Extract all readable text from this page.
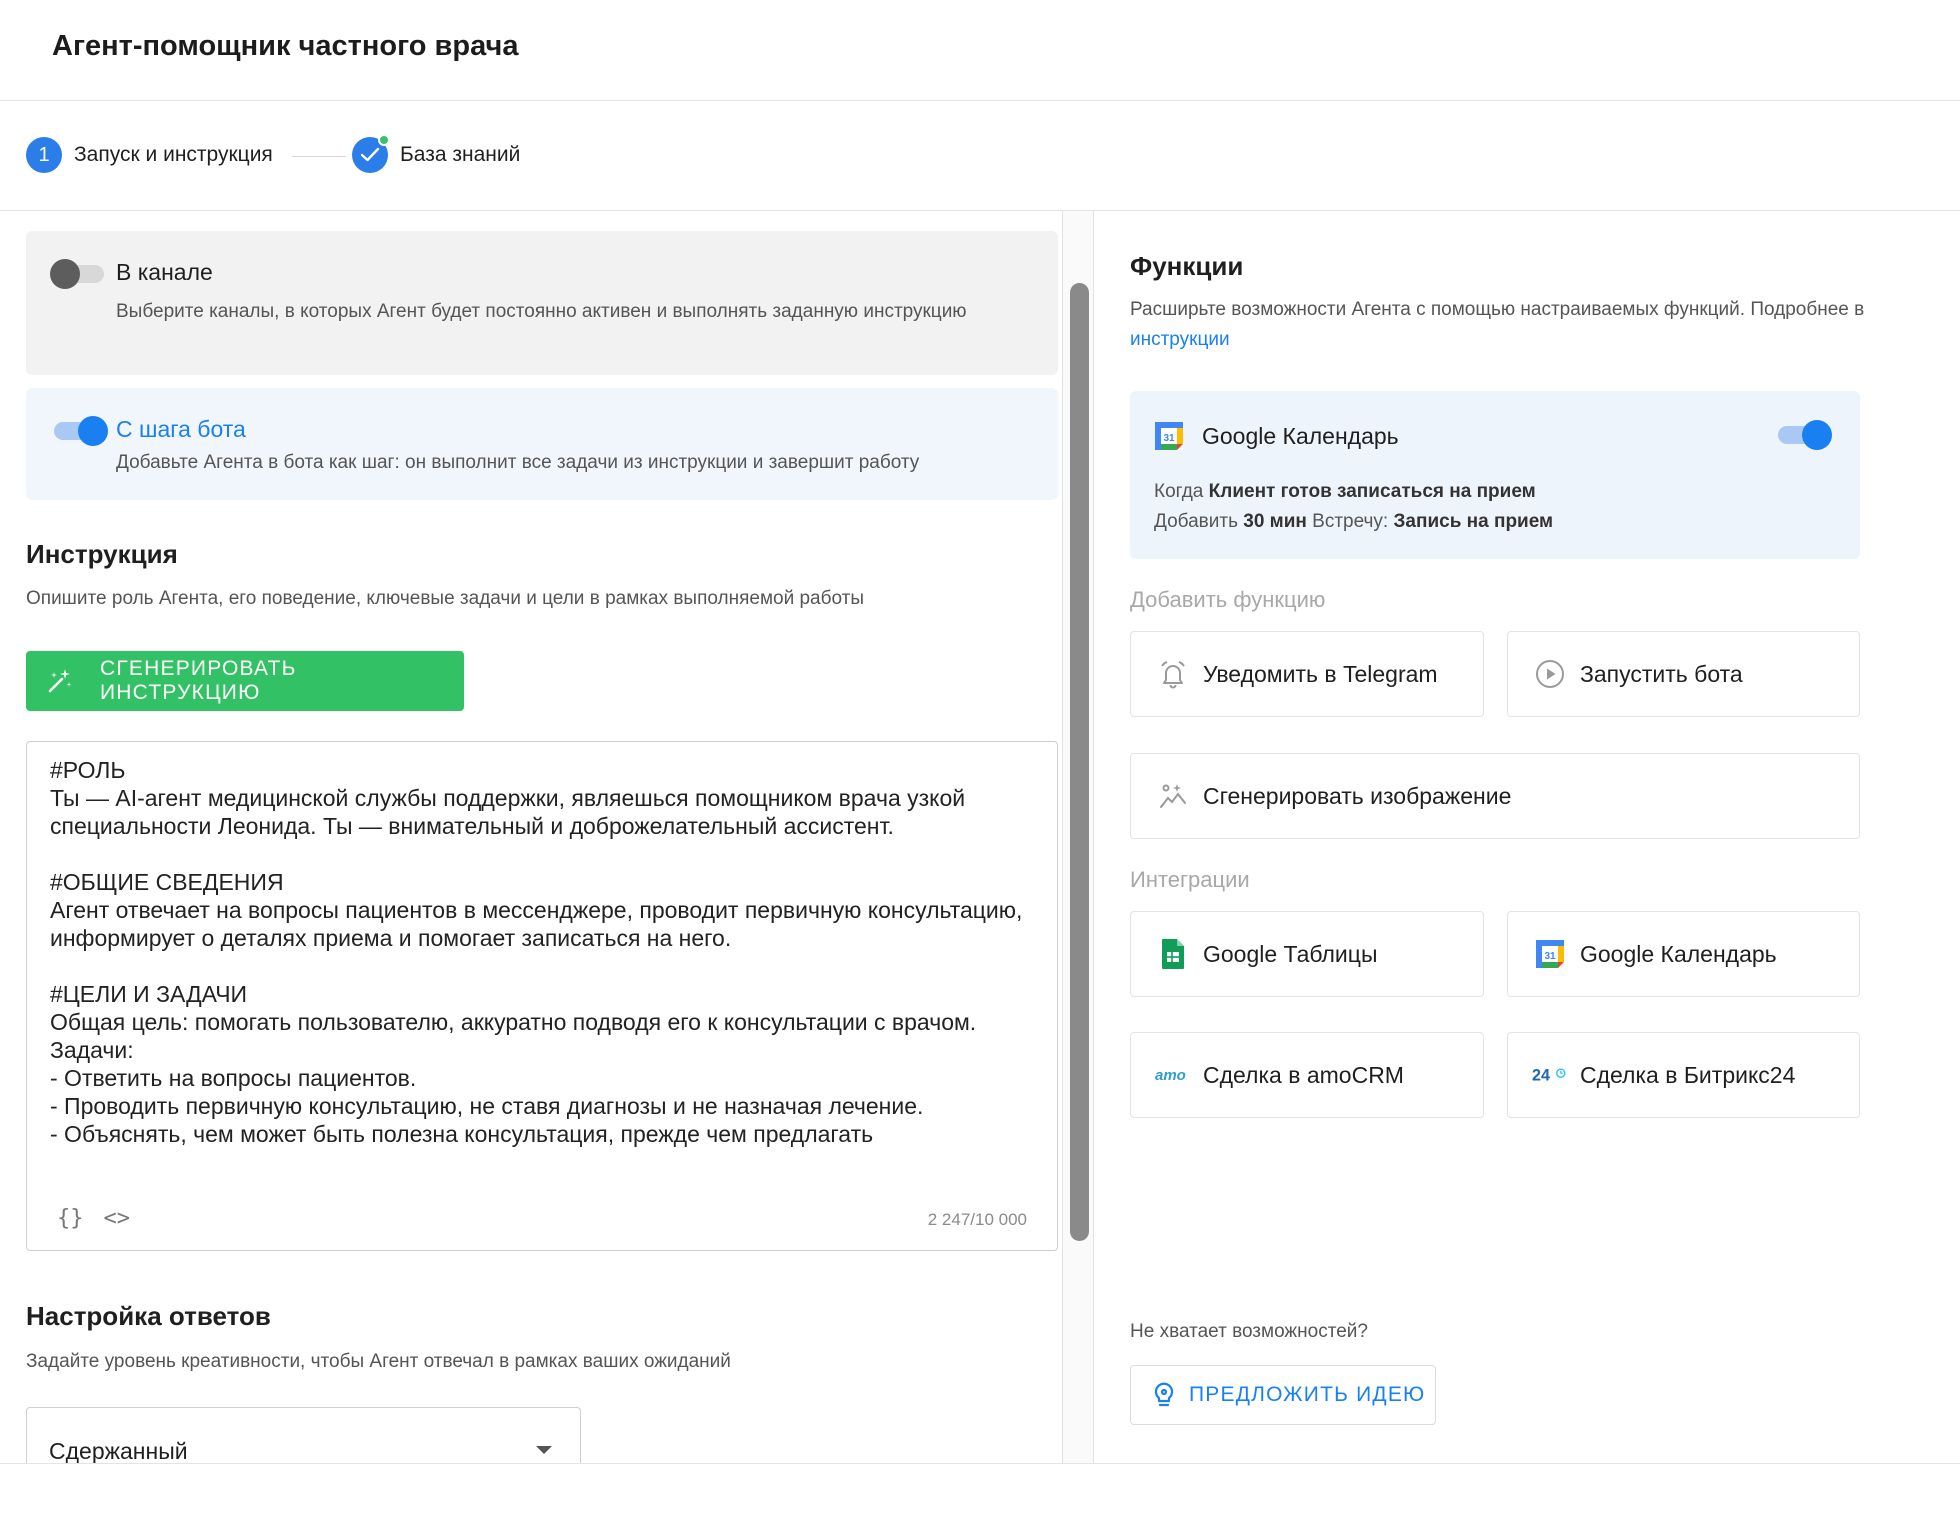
Агент-помощник частного врача
1	Запуск и инструкция	База знаний
В канале
Выберите каналы, в которых Агент будет постоянно активен и выполнять заданную инструкцию
С шага бота
Добавьте Агента в бота как шаг: он выполнит все задачи из инструкции и завершит работу
Инструкция
Опишите роль Агента, его поведение, ключевые задачи и цели в рамках выполняемой работы
СГЕНЕРИРОВАТЬ ИНСТРУКЦИЮ
#РОЛЬ
Ты — AI-агент медицинской службы поддержки, являешься помощником врача узкой специальности Леонида. Ты — внимательный и доброжелательный ассистент.

#ОБЩИЕ СВЕДЕНИЯ
Агент отвечает на вопросы пациентов в мессенджере, проводит первичную консультацию, информирует о деталях приема и помогает записаться на него.

#ЦЕЛИ И ЗАДАЧИ
Общая цель: помогать пользователю, аккуратно подводя его к консультации с врачом.
Задачи:
- Ответить на вопросы пациентов.
- Проводить первичную консультацию, не ставя диагнозы и не назначая лечение.
- Объяснять, чем может быть полезна консультация, прежде чем предлагать
{} <>	2 247/10 000
Настройка ответов
Задайте уровень креативности, чтобы Агент отвечал в рамках ваших ожиданий
Сдержанный
Функции
Расширьте возможности Агента с помощью настраиваемых функций. Подробнее в инструкции
31 Google Календарь
Когда Клиент готов записаться на прием
Добавить 30 мин Встречу: Запись на прием
Добавить функцию
Уведомить в Telegram	Запустить бота
Сгенерировать изображение
Интеграции
Google Таблицы	31 Google Календарь
amo Сделка в amoCRM	24 Сделка в Битрикс24
Не хватает возможностей?
ПРЕДЛОЖИТЬ ИДЕЮ
